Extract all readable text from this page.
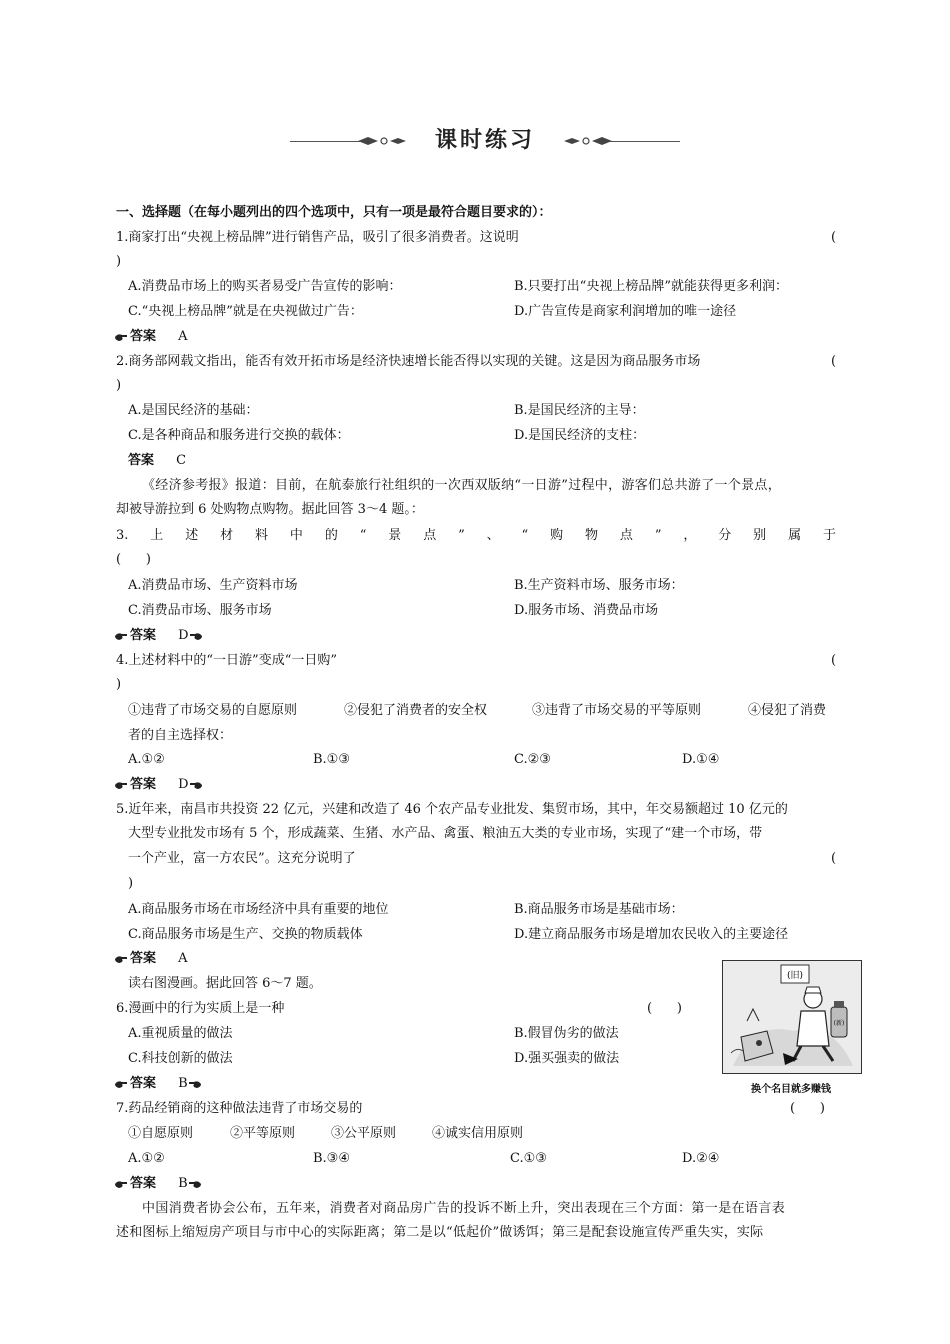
课时练习
一、选择题（在每小题列出的四个选项中，只有一项是最符合题目要求的）：
1.商家打出“央视上榜品牌”进行销售产品，吸引了很多消费者。这说明	(
)
A.消费品市场上的购买者易受广告宣传的影响：	B.只要打出“央视上榜品牌”就能获得更多利润：
C.“央视上榜品牌”就是在央视做过广告：	D.广告宣传是商家利润增加的唯一途径
答案 A
2.商务部网载文指出，能否有效开拓市场是经济快速增长能否得以实现的关键。这是因为商品服务市场	(
)
A.是国民经济的基础：	B.是国民经济的主导：
C.是各种商品和服务进行交换的载体：	D.是国民经济的支柱：
答案 C
《经济参考报》报道：目前，在航泰旅行社组织的一次西双版纳“一日游”过程中，游客们总共游了一个景点，
却被导游拉到 6 处购物点购物。据此回答 3～4 题。：
3. 上 述 材 料 中 的 “ 景 点 ” 、 “ 购 物 点 ” ， 分 别 属 于
(      )
A.消费品市场、生产资料市场	B.生产资料市场、服务市场：
C.消费品市场、服务市场	D.服务市场、消费品市场
答案 D
4.上述材料中的“一日游”变成“一日购”	(
)
①违背了市场交易的自愿原则	②侵犯了消费者的安全权	③违背了市场交易的平等原则	④侵犯了消费
者的自主选择权：
A.①②	B.①③	C.②③	D.①④
答案 D
5.近年来，南昌市共投资 22 亿元，兴建和改造了 46 个农产品专业批发、集贸市场，其中，年交易额超过 10 亿元的
大型专业批发市场有 5 个，形成蔬菜、生猪、水产品、禽蛋、粮油五大类的专业市场，实现了“建一个市场，带
一个产业，富一方农民”。这充分说明了	(
)
A.商品服务市场在市场经济中具有重要的地位	B.商品服务市场是基础市场：
C.商品服务市场是生产、交换的物质载体	D.建立商品服务市场是增加农民收入的主要途径
答案 A
读右图漫画。据此回答 6～7 题。
6.漫画中的行为实质上是一种	(      )
A.重视质量的做法	B.假冒伪劣的做法
C.科技创新的做法	D.强买强卖的做法
答案 B
(旧)
(新)
换个名目就多赚钱
7.药品经销商的这种做法违背了市场交易的	(      )
①自愿原则	②平等原则	③公平原则	④诚实信用原则
A.①②	B.③④	C.①③	D.②④
答案 B
中国消费者协会公布，五年来，消费者对商品房广告的投诉不断上升，突出表现在三个方面：第一是在语言表
述和图标上缩短房产项目与市中心的实际距离；第二是以“低起价”做诱饵；第三是配套设施宣传严重失实，实际
